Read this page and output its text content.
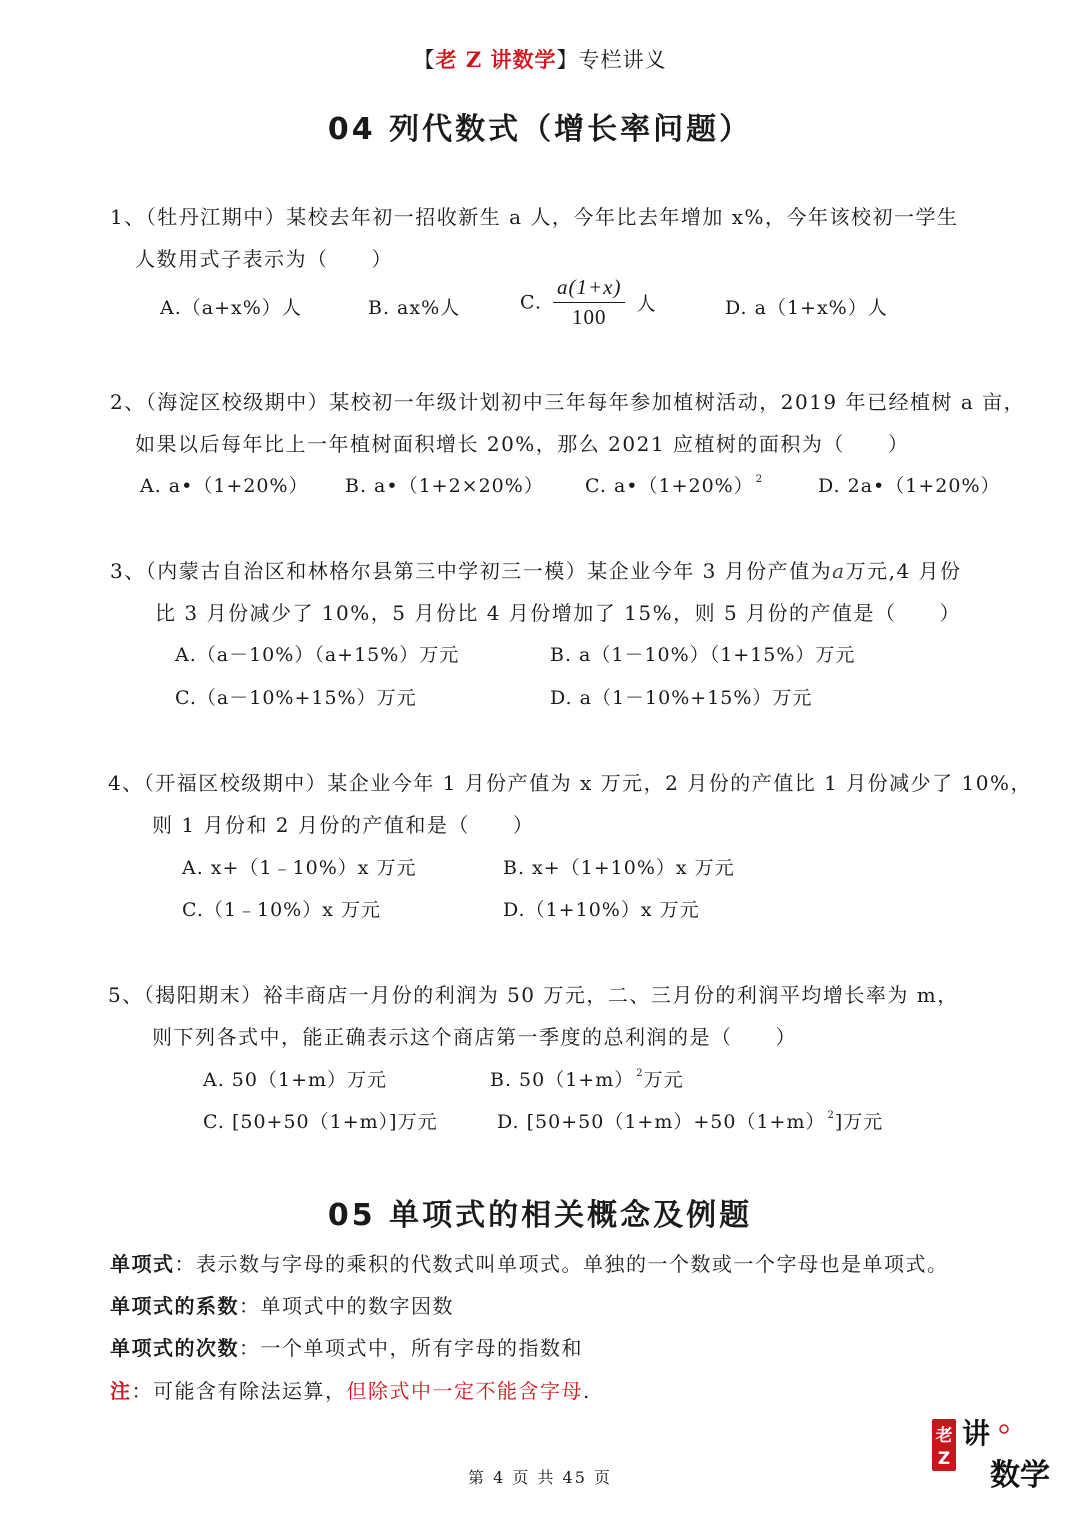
【老 Z 讲数学】专栏讲义
04 列代数式（增长率问题）
1、（牡丹江期中）某校去年初一招收新生 a 人，今年比去年增加 x%，今年该校初一学生
人数用式子表示为（　　）
A.（a+x%）人	B. ax%人	C. $\frac{a(1+x)}{100}$ 人	D. a（1+x%）人
2、（海淀区校级期中）某校初一年级计划初中三年每年参加植树活动，2019 年已经植树 a 亩，
如果以后每年比上一年植树面积增长 20%，那么 2021 应植树的面积为（　　）
A. a•（1+20%） B. a•（1+2×20%） C. a•（1+20%） $^2$	D. 2a•（1+20%）
3、（内蒙古自治区和林格尔县第三中学初三一模）某企业今年 3 月份产值为a万元,4 月份
比 3 月份减少了 10%，5 月份比 4 月份增加了 15%，则 5 月份的产值是（　　）
A.（a－10%）（a+15%）万元	B. a（1－10%）（1+15%）万元
C.（a－10%+15%）万元	D. a（1－10%+15%）万元
4、（开福区校级期中）某企业今年 1 月份产值为 x 万元，2 月份的产值比 1 月份减少了 10%，
则 1 月份和 2 月份的产值和是（　　）
A. x+（1﹣10%）x 万元	B. x+（1+10%）x 万元
C.（1﹣10%）x 万元	D.（1+10%）x 万元
5、（揭阳期末）裕丰商店一月份的利润为 50 万元，二、三月份的利润平均增长率为 m，
则下列各式中，能正确表示这个商店第一季度的总利润的是（　　）
A. 50（1+m）万元	B. 50（1+m） $^2$万元
C. [50+50（1+m）]万元	D. [50+50（1+m）+50（1+m） $^2$]万元
05 单项式的相关概念及例题
单项式：表示数与字母的乘积的代数式叫单项式。单独的一个数或一个字母也是单项式。
单项式的系数：单项式中的数字因数
单项式的次数：一个单项式中，所有字母的指数和
注：可能含有除法运算，但除式中一定不能含字母.
第 4 页 共 45 页
老
Z
讲
数学
